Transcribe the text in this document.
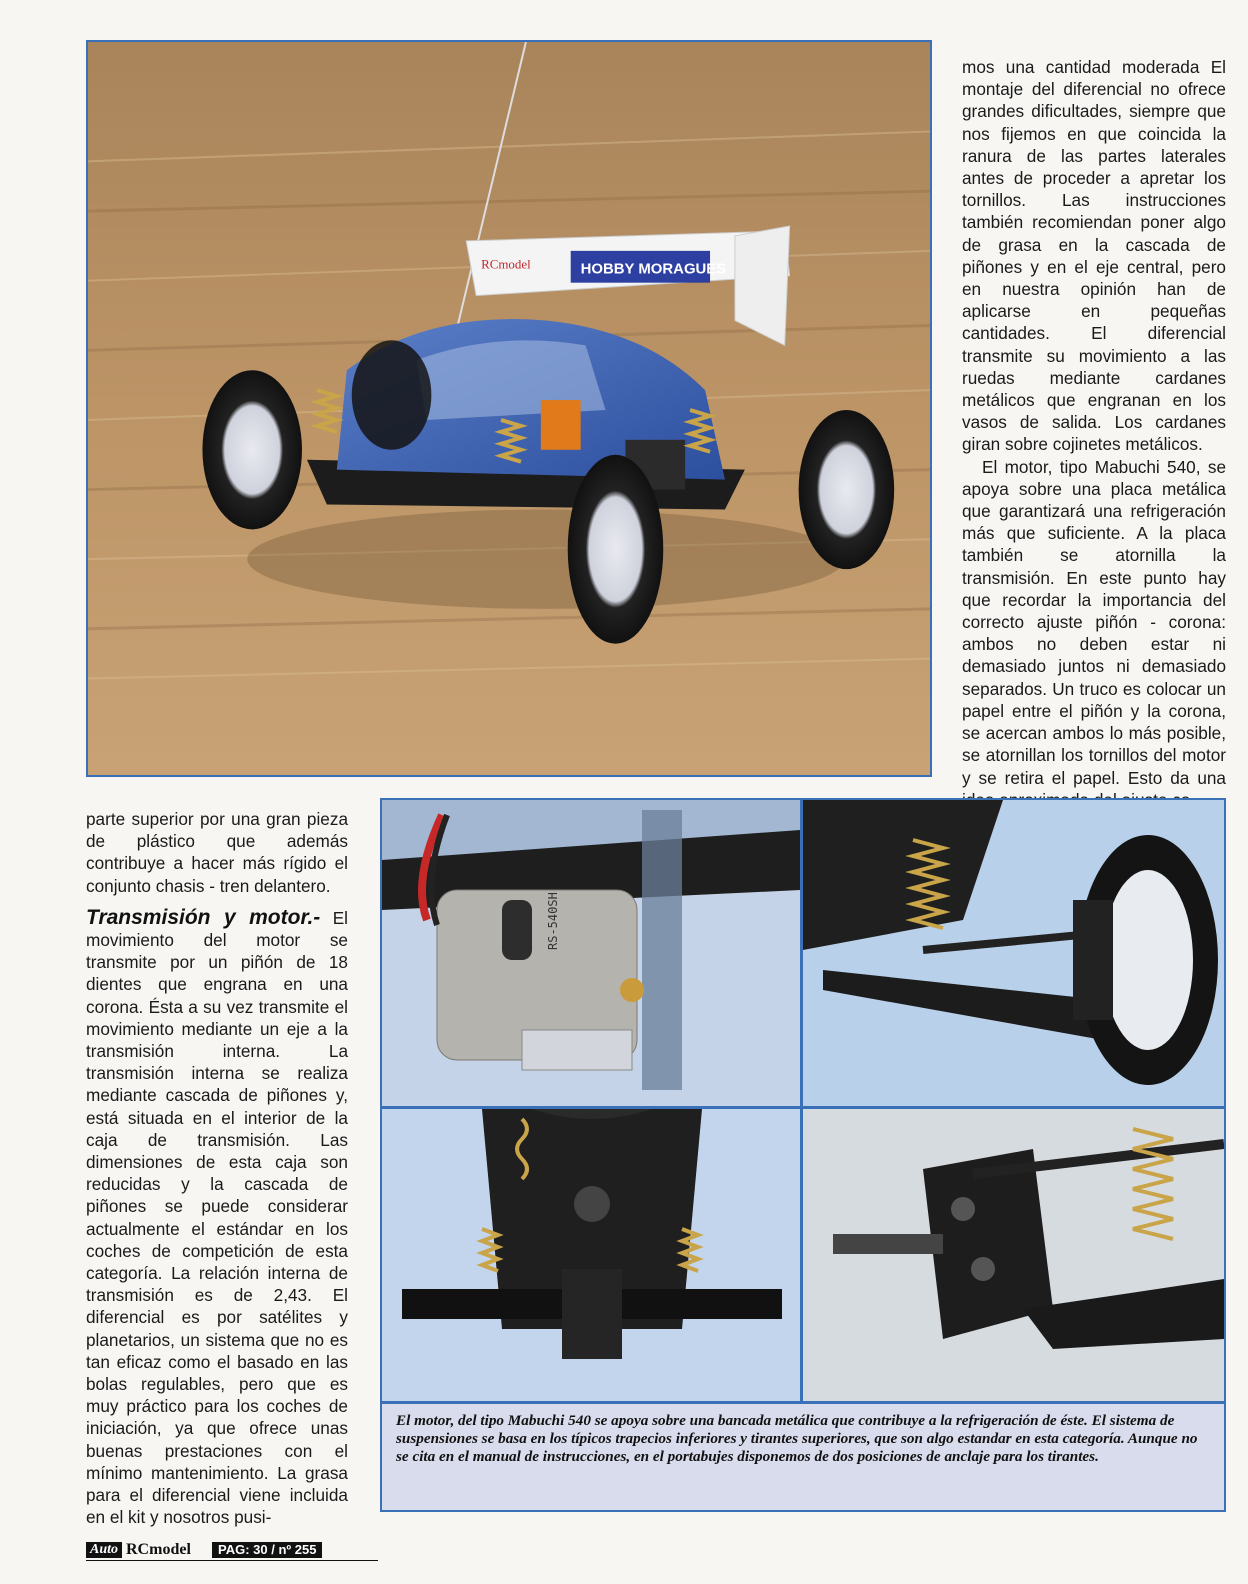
HOBBY MORAGUES
RCmodel

mos una cantidad moderada El montaje del diferencial no ofrece grandes dificultades, siempre que nos fijemos en que coincida la ranura de las partes laterales antes de proceder a apretar los tornillos. Las instrucciones también recomiendan poner algo de grasa en la cascada de piñones y en el eje central, pero en nuestra opinión han de aplicarse en pequeñas cantidades. El diferencial transmite su movimiento a las ruedas mediante cardanes metálicos que engranan en los vasos de salida. Los cardanes giran sobre cojinetes metálicos.

El motor, tipo Mabuchi 540, se apoya sobre una placa metálica que garantizará una refrigeración más que suficiente. A la placa también se atornilla la transmisión. En este punto hay que recordar la importancia del correcto ajuste piñón - corona: ambos no deben estar ni demasiado juntos ni demasiado separados. Un truco es colocar un papel entre el piñón y la corona, se acercan ambos lo más posible, se atornillan los tornillos del motor y se retira el papel. Esto da una

parte superior por una gran pieza de plástico que además contribuye a hacer más rígido el conjunto chasis - tren delantero.

Transmisión y motor.- El movimiento del motor se transmite por un piñón de 18 dientes que engrana en una corona. Ésta a su vez transmite el movimiento mediante un eje a la transmisión interna. La transmisión interna se realiza mediante cascada de piñones y, está situada en el interior de la caja de transmisión. Las dimensiones de esta caja son reducidas y la cascada de piñones se puede considerar actualmente el estándar en los coches de competición de esta categoría. La relación interna de transmisión es de 2,43. El diferencial es por satélites y planetarios, un sistema que no es tan eficaz como el basado en las bolas regulables, pero que es muy práctico para los coches de iniciación, ya que ofrece unas buenas prestaciones con el mínimo mantenimiento. La grasa para el diferencial viene incluida en el kit y nosotros pusi-

RS-540SH
El motor, del tipo Mabuchi 540 se apoya sobre una bancada metálica que contribuye a la refrigeración de éste. El sistema de suspensiones se basa en los típicos trapecios inferiores y tirantes superiores, que son algo estandar en esta categoría. Aunque no se cita en el manual de instrucciones, en el portabujes disponemos de dos posiciones de anclaje para los tirantes.
Auto RCmodel	PAG: 30 / nº 255
